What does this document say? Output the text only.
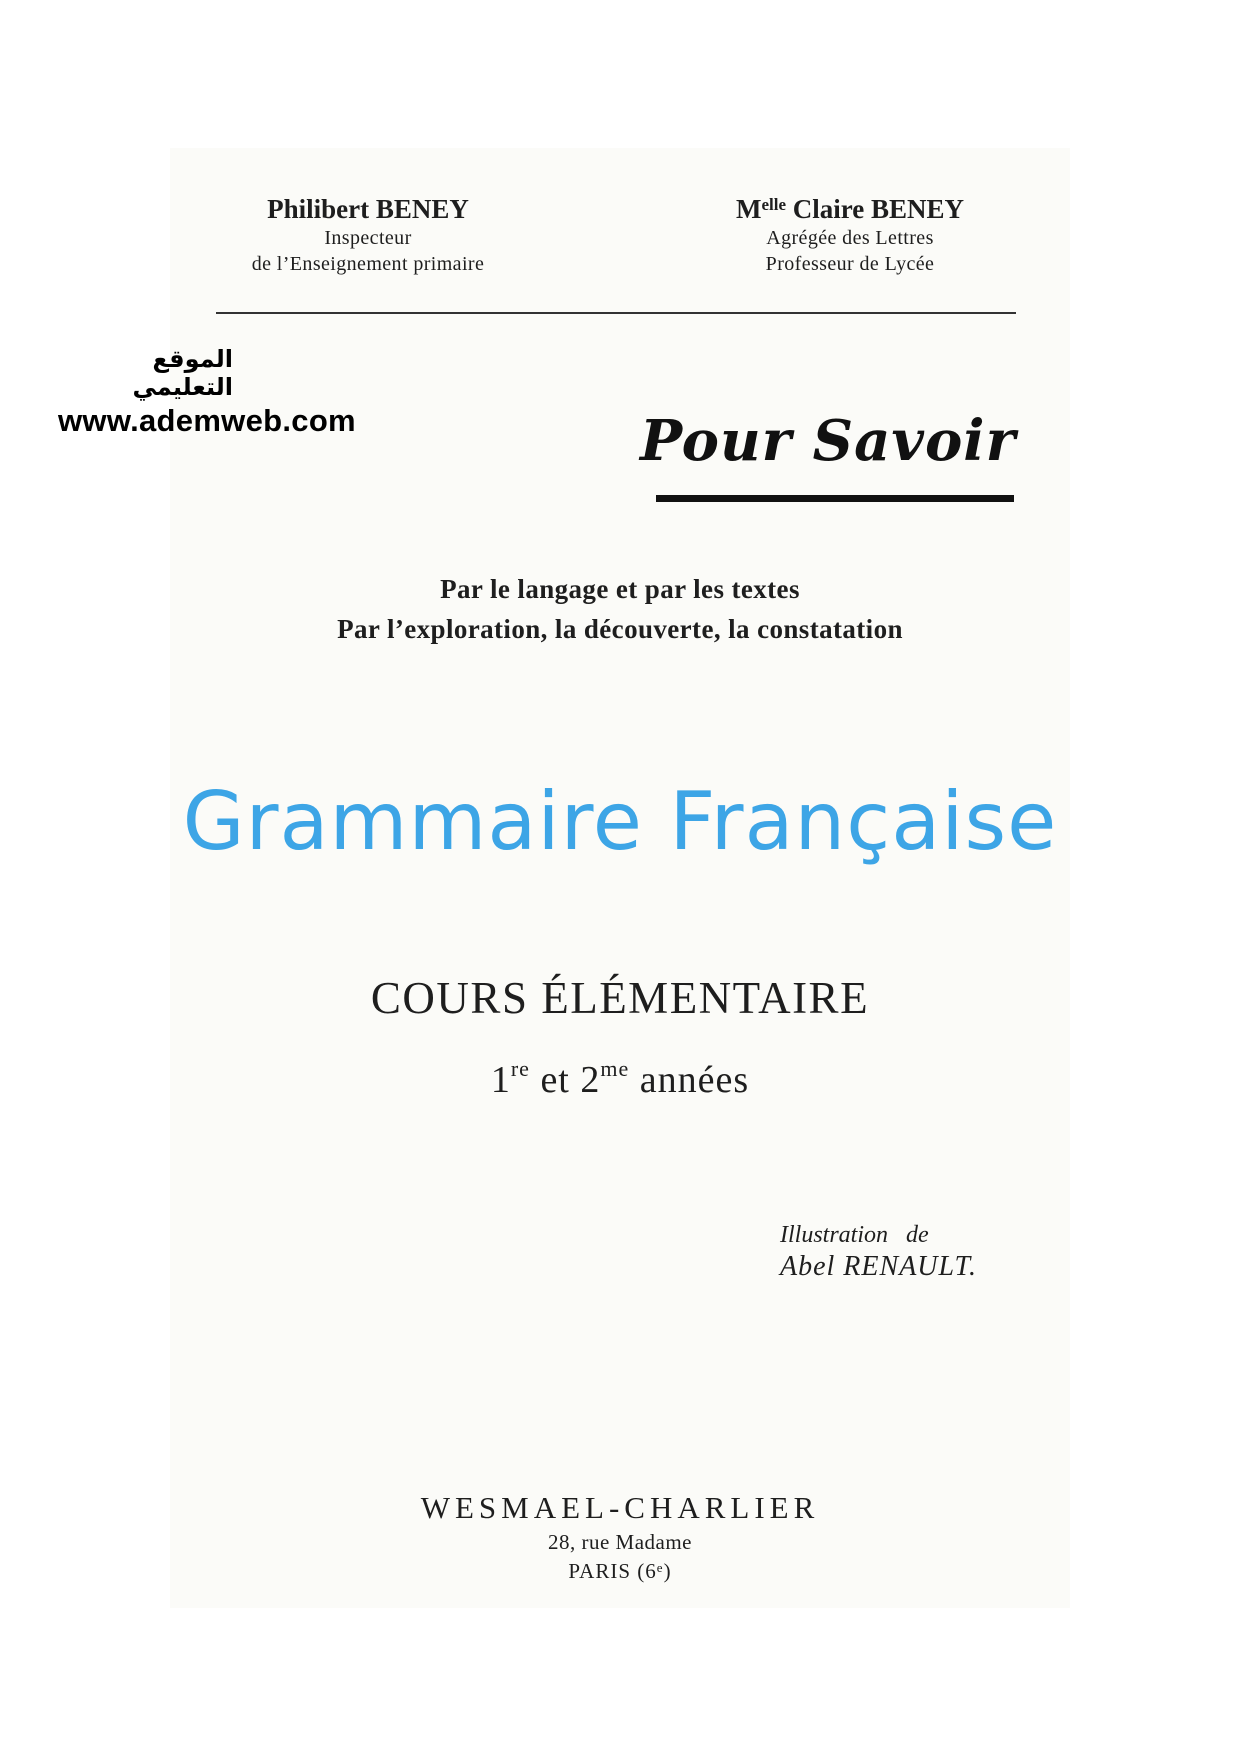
الموقع التعليمي
www.ademweb.com
Philibert BENEY
Inspecteur
de l’Enseignement primaire
$M^{elle}$ Claire BENEY
Agrégée des Lettres
Professeur de Lycée
Pour Savoir
Par le langage et par les textes
Par l’exploration, la découverte, la constatation
Grammaire Française
COURS ÉLÉMENTAIRE
1re et $2^{me}$ années
Illustration de
Abel RENAULT.
WESMAEL-CHARLIER
28, rue Madame
PARIS (6e)
